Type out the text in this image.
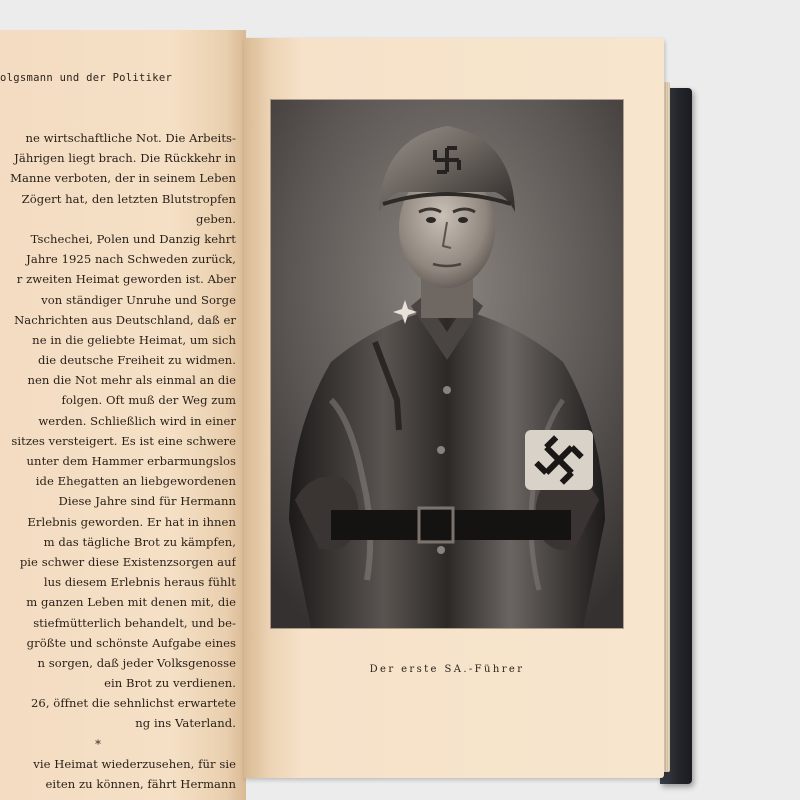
olgsmann und der Politiker
ne wirtschaftliche Not. Die Arbeits-
Jährigen liegt brach. Die Rückkehr in
Manne verboten, der in seinem Leben
Zögert hat, den letzten Blutstropfen
geben.
Tschechei, Polen und Danzig kehrt
Jahre 1925 nach Schweden zurück,
r zweiten Heimat geworden ist. Aber
von ständiger Unruhe und Sorge
Nachrichten aus Deutschland, daß er
ne in die geliebte Heimat, um sich
die deutsche Freiheit zu widmen.
nen die Not mehr als einmal an die
folgen. Oft muß der Weg zum
werden. Schließlich wird in einer
sitzes versteigert. Es ist eine schwere
unter dem Hammer erbarmungslos
ide Ehegatten an liebgewordenen
Diese Jahre sind für Hermann
Erlebnis geworden. Er hat in ihnen
m das tägliche Brot zu kämpfen,
pie schwer diese Existenzsorgen auf
lus diesem Erlebnis heraus fühlt
m ganzen Leben mit denen mit, die
stiefmütterlich behandelt, und be-
größte und schönste Aufgabe eines
n sorgen, daß jeder Volksgenosse
ein Brot zu verdienen.
26, öffnet die sehnlichst erwartete
ng ins Vaterland.
*
vie Heimat wiederzusehen, für sie
eiten zu können, fährt Hermann
Der erste SA.-Führer
